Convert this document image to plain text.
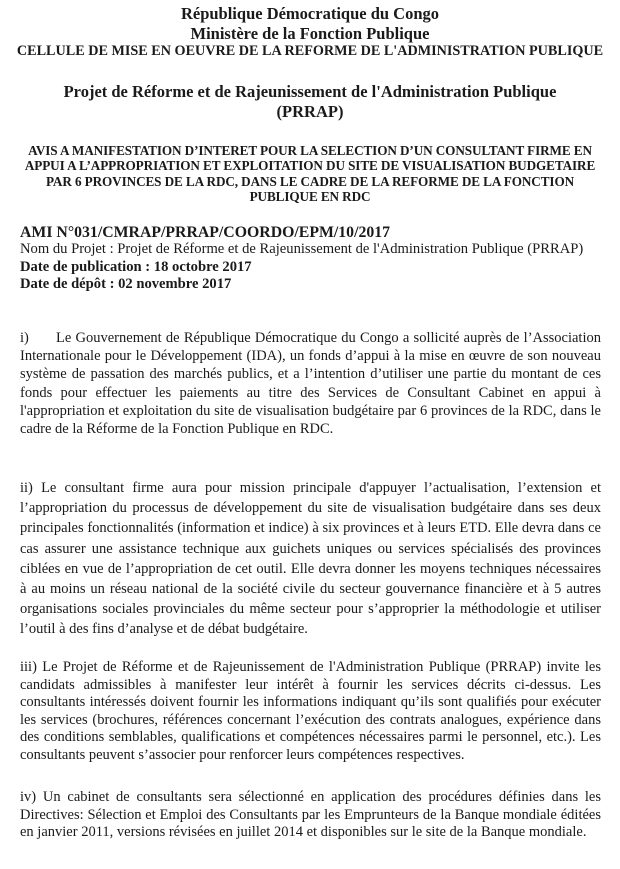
République Démocratique du Congo

Ministère de la Fonction Publique

CELLULE DE MISE EN OEUVRE DE LA REFORME DE L'ADMINISTRATION PUBLIQUE

Projet de Réforme et de Rajeunissement de l'Administration Publique

(PRRAP)

AVIS A MANIFESTATION D’INTERET POUR LA SELECTION D’UN CONSULTANT FIRME EN APPUI A L’APPROPRIATION ET EXPLOITATION DU SITE DE VISUALISATION BUDGETAIRE PAR 6 PROVINCES DE LA RDC, DANS LE CADRE DE LA REFORME DE LA FONCTION PUBLIQUE EN RDC

AMI N°031/CMRAP/PRRAP/COORDO/EPM/10/2017
Nom du Projet : Projet de Réforme et de Rajeunissement de l'Administration Publique (PRRAP)
Date de publication : 18 octobre 2017
Date de dépôt : 02 novembre 2017

i) Le Gouvernement de République Démocratique du Congo a sollicité auprès de l’Association Internationale pour le Développement (IDA), un fonds d’appui à la mise en œuvre de son nouveau système de passation des marchés publics, et a l’intention d’utiliser une partie du montant de ces fonds pour effectuer les paiements au titre des Services de Consultant Cabinet en appui à l'appropriation et exploitation du site de visualisation budgétaire par 6 provinces de la RDC, dans le cadre de la Réforme de la Fonction Publique en RDC.

ii) Le consultant firme aura pour mission principale d'appuyer l’actualisation, l’extension et l’appropriation du processus de développement du site de visualisation budgétaire dans ses deux principales fonctionnalités (information et indice) à six provinces et à leurs ETD. Elle devra dans ce cas assurer une assistance technique aux guichets uniques ou services spécialisés des provinces ciblées en vue de l’appropriation de cet outil. Elle devra donner les moyens techniques nécessaires à au moins un réseau national de la société civile du secteur gouvernance financière et à 5 autres organisations sociales provinciales du même secteur pour s’approprier la méthodologie et utiliser l’outil à des fins d’analyse et de débat budgétaire.

iii) Le Projet de Réforme et de Rajeunissement de l'Administration Publique (PRRAP) invite les candidats admissibles à manifester leur intérêt à fournir les services décrits ci-dessus. Les consultants intéressés doivent fournir les informations indiquant qu’ils sont qualifiés pour exécuter les services (brochures, références concernant l’exécution des contrats analogues, expérience dans des conditions semblables, qualifications et compétences nécessaires parmi le personnel, etc.). Les consultants peuvent s’associer pour renforcer leurs compétences respectives.

iv) Un cabinet de consultants sera sélectionné en application des procédures définies dans les Directives: Sélection et Emploi des Consultants par les Emprunteurs de la Banque mondiale éditées en janvier 2011, versions révisées en juillet 2014 et disponibles sur le site de la Banque mondiale.
